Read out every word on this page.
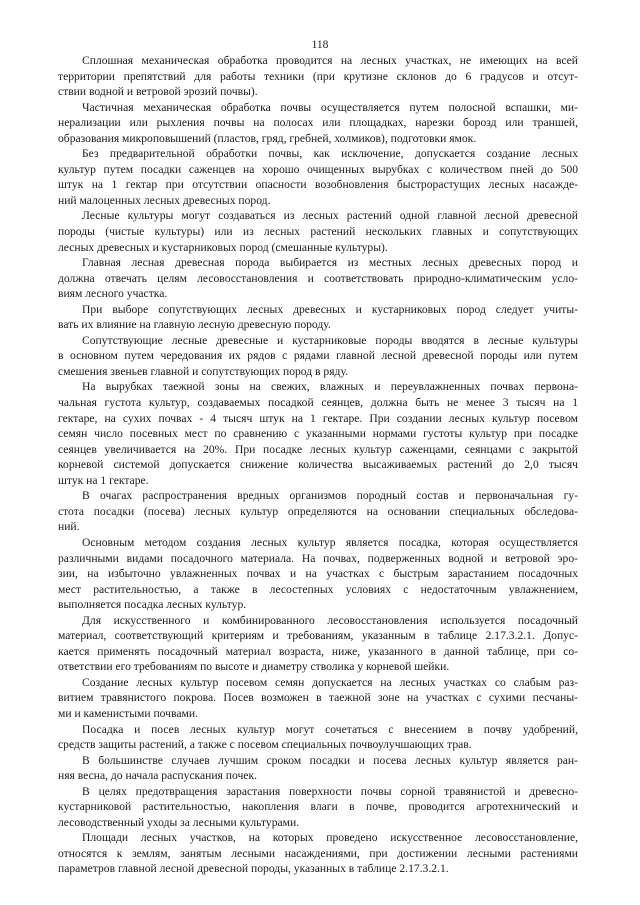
118

Сплошная механическая обработка проводится на лесных участках, не имеющих на всей
территории препятствий для работы техники (при крутизне склонов до 6 градусов и отсут-
ствии водной и ветровой эрозий почвы).

Частичная механическая обработка почвы осуществляется путем полосной вспашки, ми-
нерализации или рыхления почвы на полосах или площадках, нарезки борозд или траншей,
образования микроповышений (пластов, гряд, гребней, холмиков), подготовки ямок.

Без предварительной обработки почвы, как исключение, допускается создание лесных
культур путем посадки саженцев на хорошо очищенных вырубках с количеством пней до 500
штук на 1 гектар при отсутствии опасности возобновления быстрорастущих лесных насажде-
ний малоценных лесных древесных пород.

Лесные культуры могут создаваться из лесных растений одной главной лесной древесной
породы (чистые культуры) или из лесных растений нескольких главных и сопутствующих
лесных древесных и кустарниковых пород (смешанные культуры).

Главная лесная древесная порода выбирается из местных лесных древесных пород и
должна отвечать целям лесовосстановления и соответствовать природно-климатическим усло-
виям лесного участка.

При выборе сопутствующих лесных древесных и кустарниковых пород следует учиты-
вать их влияние на главную лесную древесную породу.

Сопутствующие лесные древесные и кустарниковые породы вводятся в лесные культуры
в основном путем чередования их рядов с рядами главной лесной древесной породы или путем
смешения звеньев главной и сопутствующих пород в ряду.

На вырубках таежной зоны на свежих, влажных и переувлажненных почвах первона-
чальная густота культур, создаваемых посадкой сеянцев, должна быть не менее 3 тысяч на 1
гектаре, на сухих почвах - 4 тысяч штук на 1 гектаре. При создании лесных культур посевом
семян число посевных мест по сравнению с указанными нормами густоты культур при посадке
сеянцев увеличивается на 20%. При посадке лесных культур саженцами, сеянцами с закрытой
корневой системой допускается снижение количества высаживаемых растений до 2,0 тысяч
штук на 1 гектаре.

В очагах распространения вредных организмов породный состав и первоначальная гу-
стота посадки (посева) лесных культур определяются на основании специальных обследова-
ний.

Основным методом создания лесных культур является посадка, которая осуществляется
различными видами посадочного материала. На почвах, подверженных водной и ветровой эро-
зии, на избыточно увлажненных почвах и на участках с быстрым зарастанием посадочных
мест растительностью, а также в лесостепных условиях с недостаточным увлажнением,
выполняется посадка лесных культур.

Для искусственного и комбинированного лесовосстановления используется посадочный
материал, соответствующий критериям и требованиям, указанным в таблице 2.17.3.2.1. Допус-
кается применять посадочный материал возраста, ниже, указанного в данной таблице, при со-
ответствии его требованиям по высоте и диаметру стволика у корневой шейки.

Создание лесных культур посевом семян допускается на лесных участках со слабым раз-
витием травянистого покрова. Посев возможен в таежной зоне на участках с сухими песчаны-
ми и каменистыми почвами.

Посадка и посев лесных культур могут сочетаться с внесением в почву удобрений,
средств защиты растений, а также с посевом специальных почвоулучшающих трав.

В большинстве случаев лучшим сроком посадки и посева лесных культур является ран-
няя весна, до начала распускания почек.

В целях предотвращения зарастания поверхности почвы сорной травянистой и древесно-
кустарниковой растительностью, накопления влаги в почве, проводится агротехнический и
лесоводственный уходы за лесными культурами.

Площади лесных участков, на которых проведено искусственное лесовосстановление,
относятся к землям, занятым лесными насаждениями, при достижении лесными растениями
параметров главной лесной древесной породы, указанных в таблице 2.17.3.2.1.
